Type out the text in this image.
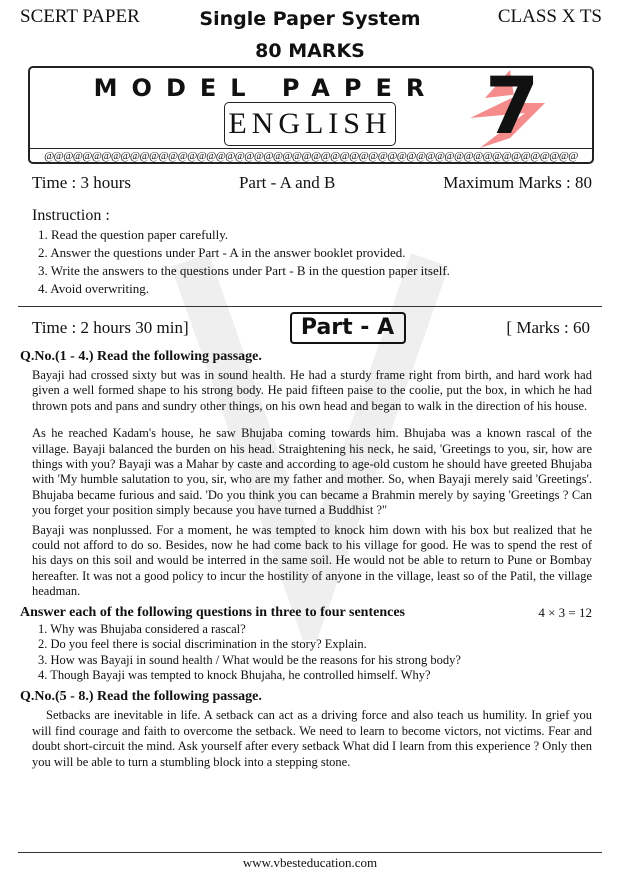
SCERT PAPER	Single Paper System
80 MARKS
CLASS X TS
7
MODEL PAPER
ENGLISH
@@@@@@@@@@@@@@@@@@@@@@@@@@@@@@@@@@@@@@@@@@@@@@@@@@@@@@@@
Time : 3 hours	Part - A and B	Maximum Marks : 80
Instruction :
1. Read the question paper carefully.
2. Answer the questions under Part - A in the answer booklet provided.
3. Write the answers to the questions under Part - B in the question paper itself.
4. Avoid overwriting.
Time : 2 hours 30 min]	Part - A	[ Marks : 60
Q.No.(1 - 4.) Read the following passage.

Bayaji had crossed sixty but was in sound health. He had a sturdy frame right from birth, and hard work had given a well formed shape to his strong body. He paid fifteen paise to the coolie, put the box, in which he had thrown pots and pans and sundry other things, on his own head and began to walk in the direction of his house.

As he reached Kadam's house, he saw Bhujaba coming towards him. Bhujaba was a known rascal of the village. Bayaji balanced the burden on his head. Straightening his neck, he said, 'Greetings to you, sir, how are things with you? Bayaji was a Mahar by caste and according to age-old custom he should have greeted Bhujaba with 'My humble salutation to you, sir, who are my father and mother. So, when Bayaji merely said 'Greetings'. Bhujaba became furious and said. 'Do you think you can became a Brahmin merely by saying 'Greetings ? Can you forget your position simply because you have turned a Buddhist ?"

Bayaji was nonplussed. For a moment, he was tempted to knock him down with his box but realized that he could not afford to do so. Besides, now he had come back to his village for good. He was to spend the rest of his days on this soil and would be interred in the same soil. He would not be able to return to Pune or Bombay hereafter. It was not a good policy to incur the hostility of anyone in the village, least so of the Patil, the village headman.

Answer each of the following questions in three to four sentences	4 × 3 = 12
1. Why was Bhujaba considered a rascal?
2. Do you feel there is social discrimination in the story? Explain.
3. How was Bayaji in sound health / What would be the reasons for his strong body?
4. Though Bayaji was tempted to knock Bhujaha, he controlled himself. Why?
Q.No.(5 - 8.) Read the following passage.

Setbacks are inevitable in life. A setback can act as a driving force and also teach us humility. In grief you will find courage and faith to overcome the setback. We need to learn to become victors, not victims. Fear and doubt short-circuit the mind. Ask yourself after every setback What did I learn from this experience ? Only then you will be able to turn a stumbling block into a stepping stone.

www.vbesteducation.com
